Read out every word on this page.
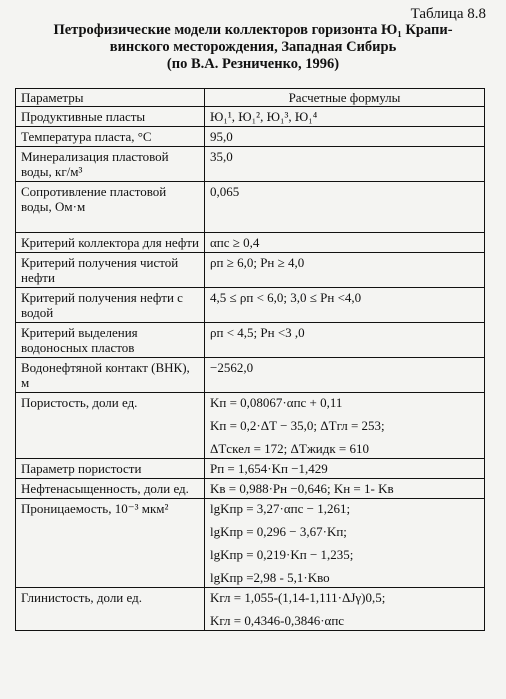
Таблица 8.8
Петрофизические модели коллекторов горизонта Ю₁ Крапи-
винского месторождения, Западная Сибирь
(по В.А. Резниченко, 1996)
Параметры	Расчетные формулы
Продуктивные пласты	Ю₁¹, Ю₁², Ю₁³, Ю₁⁴
Температура пласта, °С	95,0
Минерализация пластовой воды, кг/м³	35,0
Сопротивление пластовой воды, Ом·м	0,065
Критерий коллектора для нефти	αпс ≥ 0,4
Критерий получения чистой нефти	ρп ≥ 6,0; Pн ≥ 4,0
Критерий получения нефти с водой	4,5 ≤ ρп < 6,0; 3,0 ≤ Pн <4,0
Критерий выделения водоносных пластов	ρп < 4,5; Pн <3 ,0
Водонефтяной контакт (ВНК), м	−2562,0
Пористость, доли ед.	Kп = 0,08067·αпс + 0,11
Kп = 0,2·ΔT − 35,0; ΔTгл = 253;
ΔTскел = 172; ΔTжидк = 610

Параметр пористости	Pп = 1,654·Kп −1,429
Нефтенасыщенность, доли ед.	Kв = 0,988·Pн −0,646; Kн = 1- Kв
Проницаемость, 10⁻³ мкм²	lgKпр = 3,27·αпс − 1,261;
lgKпр = 0,296 − 3,67·Kп;
lgKпр = 0,219·Kп − 1,235;
lgKпр =2,98 - 5,1·Kво

Глинистость, доли ед.	Kгл = 1,055-(1,14-1,111·ΔJγ)0,5;
Kгл = 0,4346-0,3846·αпс
